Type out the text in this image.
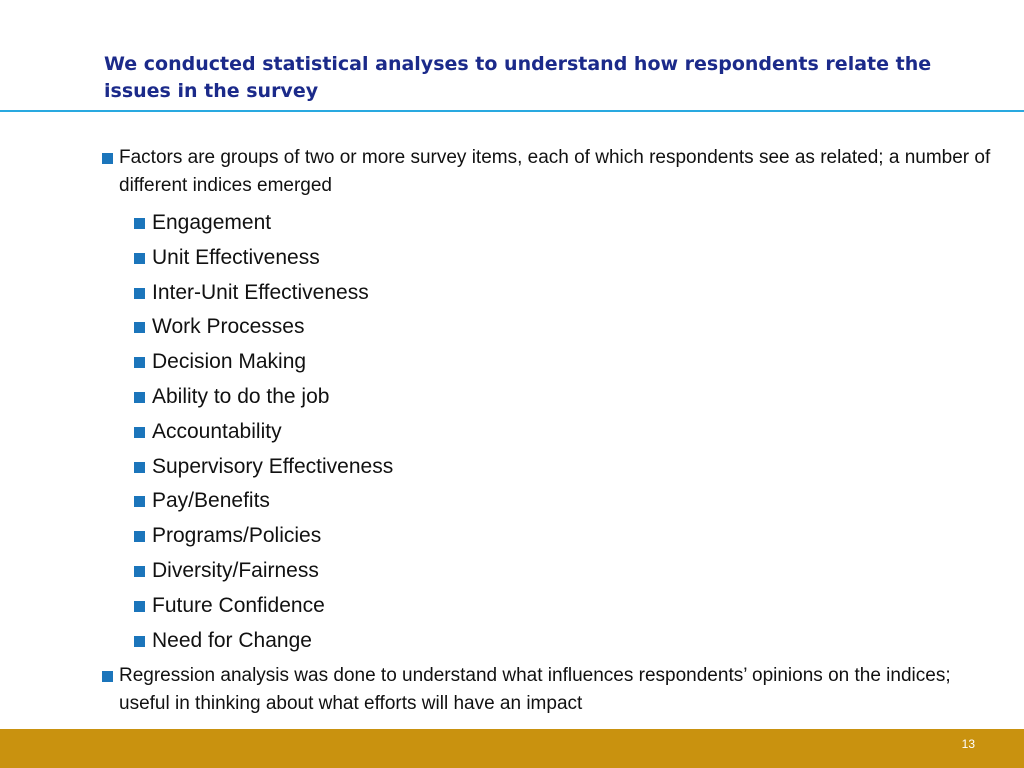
We conducted statistical analyses to understand how respondents relate the issues in the survey
Factors are groups of two or more survey items, each of which respondents see as related; a number of different indices emerged
Engagement
Unit Effectiveness
Inter-Unit Effectiveness
Work Processes
Decision Making
Ability to do the job
Accountability
Supervisory Effectiveness
Pay/Benefits
Programs/Policies
Diversity/Fairness
Future Confidence
Need for Change
Regression analysis was done to understand what influences respondents’ opinions on the indices; useful in thinking about what efforts will have an impact
13
